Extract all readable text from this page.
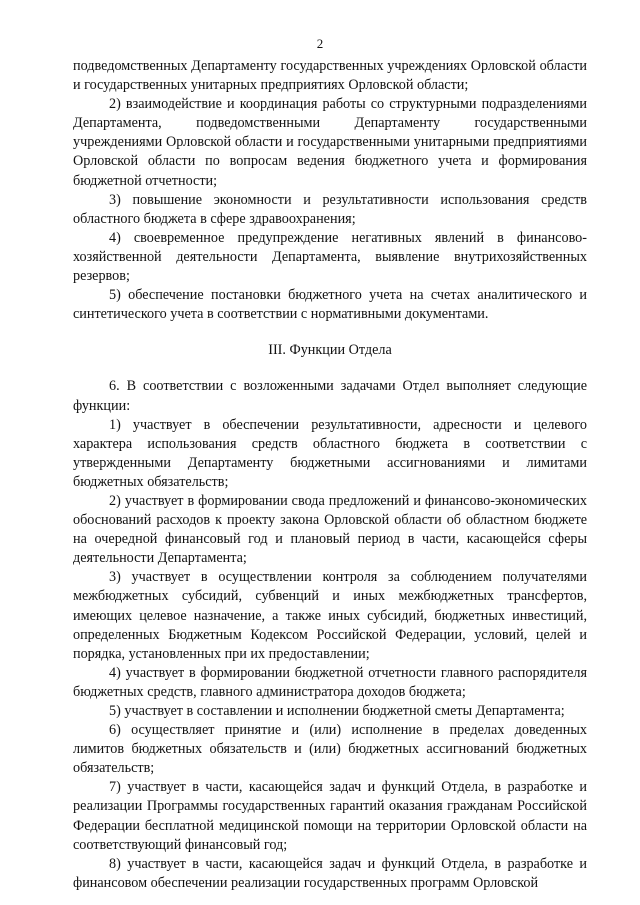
2

подведомственных Департаменту государственных учреждениях Орловской области и государственных унитарных предприятиях Орловской области;

2) взаимодействие и координация работы со структурными подразделениями Департамента, подведомственными Департаменту государственными учреждениями Орловской области и государственными унитарными предприятиями Орловской области по вопросам ведения бюджетного учета и формирования бюджетной отчетности;

3) повышение экономности и результативности использования средств областного бюджета в сфере здравоохранения;

4) своевременное предупреждение негативных явлений в финансово-хозяйственной деятельности Департамента, выявление внутрихозяйственных резервов;

5) обеспечение постановки бюджетного учета на счетах аналитического и синтетического учета в соответствии с нормативными документами.

III. Функции Отдела

6. В соответствии с возложенными задачами Отдел выполняет следующие функции:

1) участвует в обеспечении результативности, адресности и целевого характера использования средств областного бюджета в соответствии с утвержденными Департаменту бюджетными ассигнованиями и лимитами бюджетных обязательств;

2) участвует в формировании свода предложений и финансово-экономических обоснований расходов к проекту закона Орловской области об областном бюджете на очередной финансовый год и плановый период в части, касающейся сферы деятельности Департамента;

3) участвует в осуществлении контроля за соблюдением получателями межбюджетных субсидий, субвенций и иных межбюджетных трансфертов, имеющих целевое назначение, а также иных субсидий, бюджетных инвестиций, определенных Бюджетным Кодексом Российской Федерации, условий, целей и порядка, установленных при их предоставлении;

4) участвует в формировании бюджетной отчетности главного распорядителя бюджетных средств, главного администратора доходов бюджета;

5) участвует в составлении и исполнении бюджетной сметы Департамента;

6) осуществляет принятие и (или) исполнение в пределах доведенных лимитов бюджетных обязательств и (или) бюджетных ассигнований бюджетных обязательств;

7) участвует в части, касающейся задач и функций Отдела, в разработке и реализации Программы государственных гарантий оказания гражданам Российской Федерации бесплатной медицинской помощи на территории Орловской области на соответствующий финансовый год;

8) участвует в части, касающейся задач и функций Отдела, в разработке и финансовом обеспечении реализации государственных программ Орловской
